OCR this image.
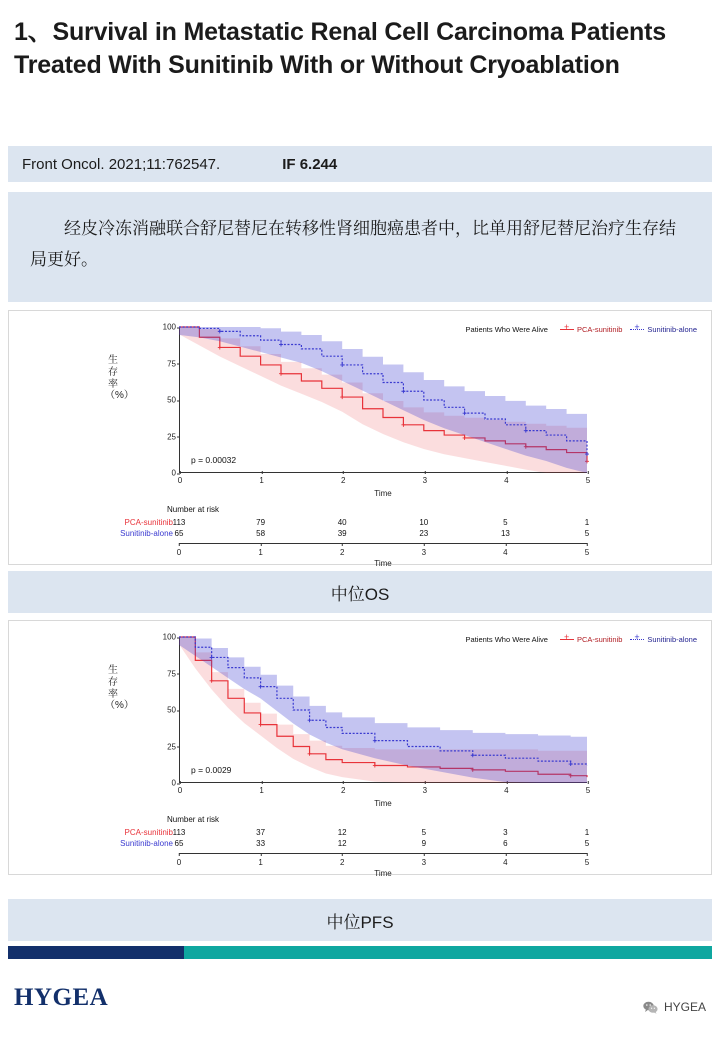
1、Survival in Metastatic Renal Cell Carcinoma Patients Treated With Sunitinib With or Without Cryoablation
Front Oncol. 2021;11:762547.	IF 6.244

经皮冷冻消融联合舒尼替尼在转移性肾细胞癌患者中，比单用舒尼替尼治疗生存结局更好。

生存率（%）
0
25
50
75
100
0	1	2	3	4	5
Time
p = 0.00032
Patients Who Were Alive +	PCA-sunitinib +	Sunitinib-alone
Number at risk
PCA-sunitinib 113	79	40	10	5	1
Sunitinib-alone 65	58	39	23	13	5
0	1	2	3	4	5
Time
中位OS
生存率（%）
0
25
50
75
100
0	1	2	3	4	5
Time
p = 0.0029
Patients Who Were Alive +	PCA-sunitinib +	Sunitinib-alone
Number at risk
PCA-sunitinib 113	37	12	5	3	1
Sunitinib-alone 65	33	12	9	6	5
0	1	2	3	4	5
Time
中位PFS
HYGEA	HYGEA
